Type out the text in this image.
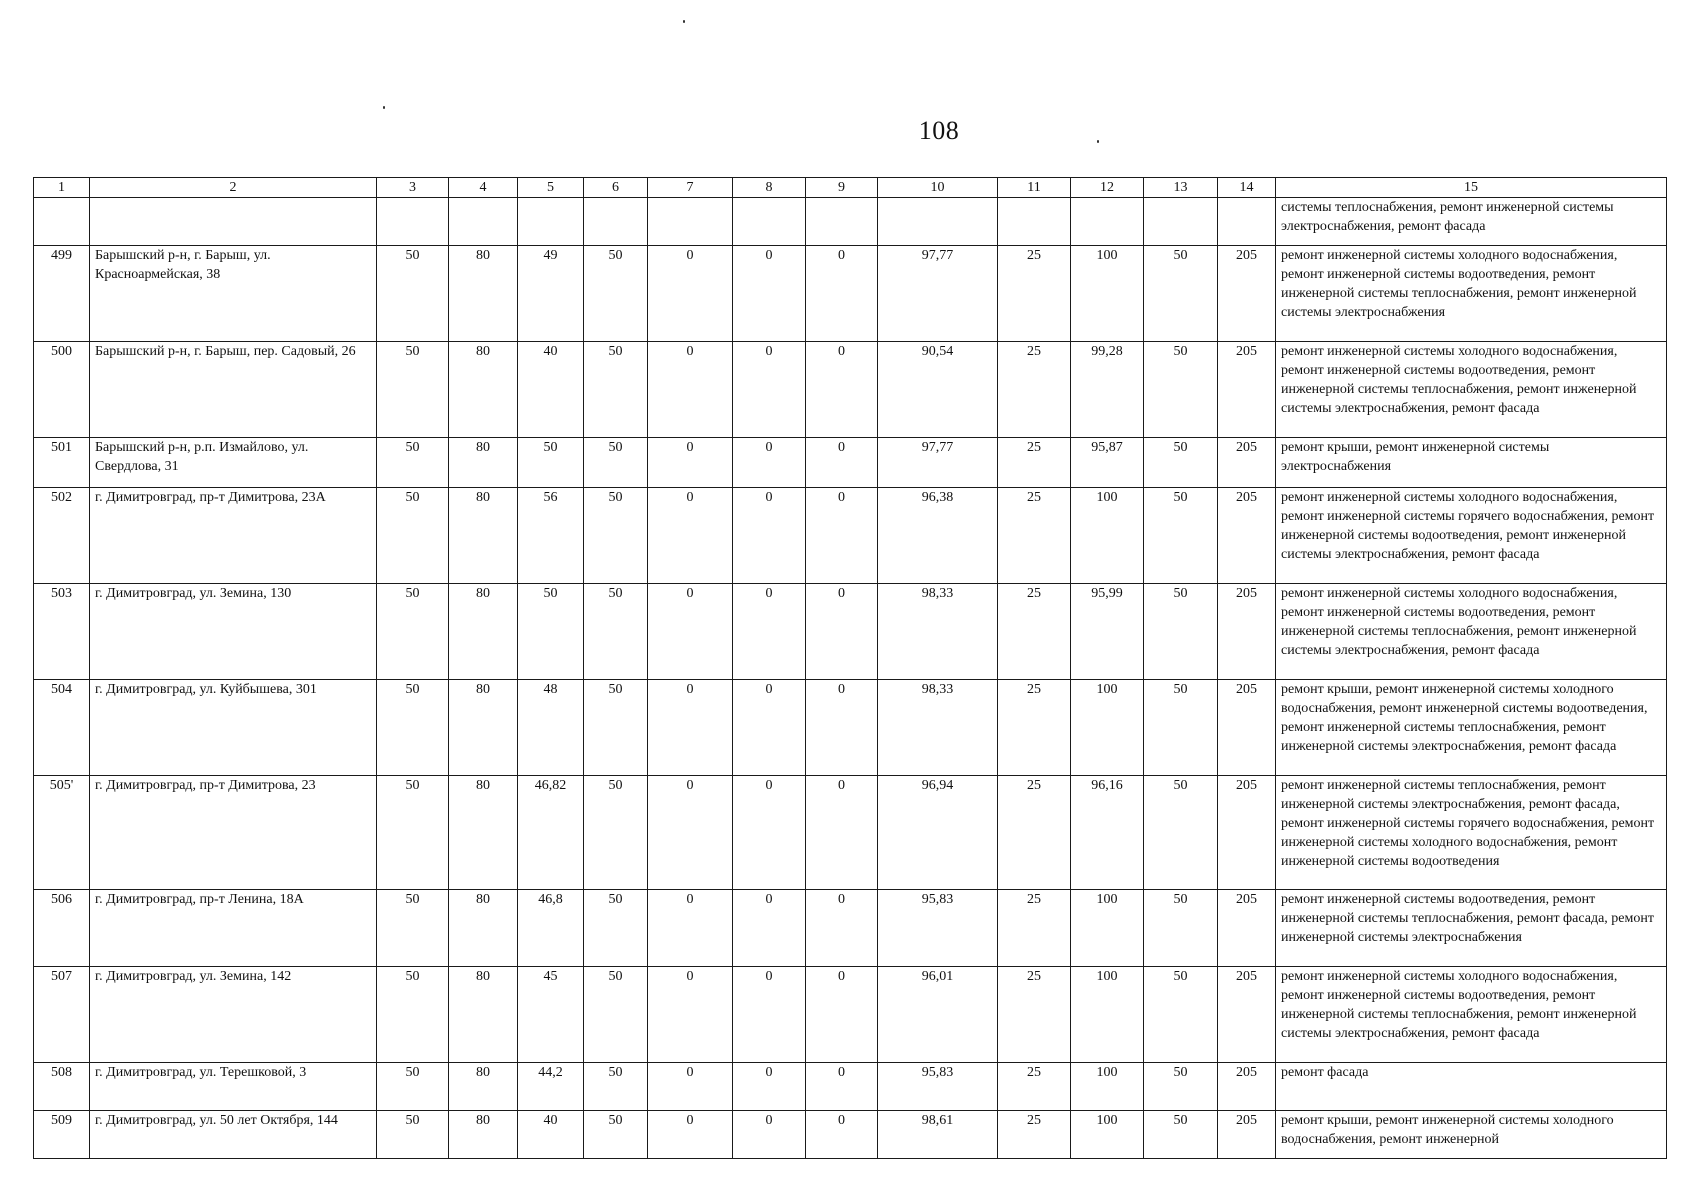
108
1	2	3	4	5	6	7	8	9	10	11	12	13	14	15
														системы теплоснабжения, ремонт инженерной системы электроснабжения, ремонт фасада
499	Барышский р-н, г. Барыш, ул. Красноармейская, 38	50	80	49	50	0	0	0	97,77	25	100	50	205	ремонт инженерной системы холодного водоснабжения, ремонт инженерной системы водоотведения, ремонт инженерной системы теплоснабжения, ремонт инженерной системы электроснабжения
500	Барышский р-н, г. Барыш, пер. Садовый, 26	50	80	40	50	0	0	0	90,54	25	99,28	50	205	ремонт инженерной системы холодного водоснабжения, ремонт инженерной системы водоотведения, ремонт инженерной системы теплоснабжения, ремонт инженерной системы электроснабжения, ремонт фасада
501	Барышский р-н, р.п. Измайлово, ул. Свердлова, 31	50	80	50	50	0	0	0	97,77	25	95,87	50	205	ремонт крыши, ремонт инженерной системы электроснабжения
502	г. Димитровград, пр-т Димитрова, 23А	50	80	56	50	0	0	0	96,38	25	100	50	205	ремонт инженерной системы холодного водоснабжения, ремонт инженерной системы горячего водоснабжения, ремонт инженерной системы водоотведения, ремонт инженерной системы электроснабжения, ремонт фасада
503	г. Димитровград, ул. Земина, 130	50	80	50	50	0	0	0	98,33	25	95,99	50	205	ремонт инженерной системы холодного водоснабжения, ремонт инженерной системы водоотведения, ремонт инженерной системы теплоснабжения, ремонт инженерной системы электроснабжения, ремонт фасада
504	г. Димитровград, ул. Куйбышева, 301	50	80	48	50	0	0	0	98,33	25	100	50	205	ремонт крыши, ремонт инженерной системы холодного водоснабжения, ремонт инженерной системы водоотведения, ремонт инженерной системы теплоснабжения, ремонт инженерной системы электроснабжения, ремонт фасада
505'	г. Димитровград, пр-т Димитрова, 23	50	80	46,82	50	0	0	0	96,94	25	96,16	50	205	ремонт инженерной системы теплоснабжения, ремонт инженерной системы электроснабжения, ремонт фасада, ремонт инженерной системы горячего водоснабжения, ремонт инженерной системы холодного водоснабжения, ремонт инженерной системы водоотведения
506	г. Димитровград, пр-т Ленина, 18А	50	80	46,8	50	0	0	0	95,83	25	100	50	205	ремонт инженерной системы водоотведения, ремонт инженерной системы теплоснабжения, ремонт фасада, ремонт инженерной системы электроснабжения
507	г. Димитровград, ул. Земина, 142	50	80	45	50	0	0	0	96,01	25	100	50	205	ремонт инженерной системы холодного водоснабжения, ремонт инженерной системы водоотведения, ремонт инженерной системы теплоснабжения, ремонт инженерной системы электроснабжения, ремонт фасада
508	г. Димитровград, ул. Терешковой, 3	50	80	44,2	50	0	0	0	95,83	25	100	50	205	ремонт фасада
509	г. Димитровград, ул. 50 лет Октября, 144	50	80	40	50	0	0	0	98,61	25	100	50	205	ремонт крыши, ремонт инженерной системы холодного водоснабжения, ремонт инженерной
